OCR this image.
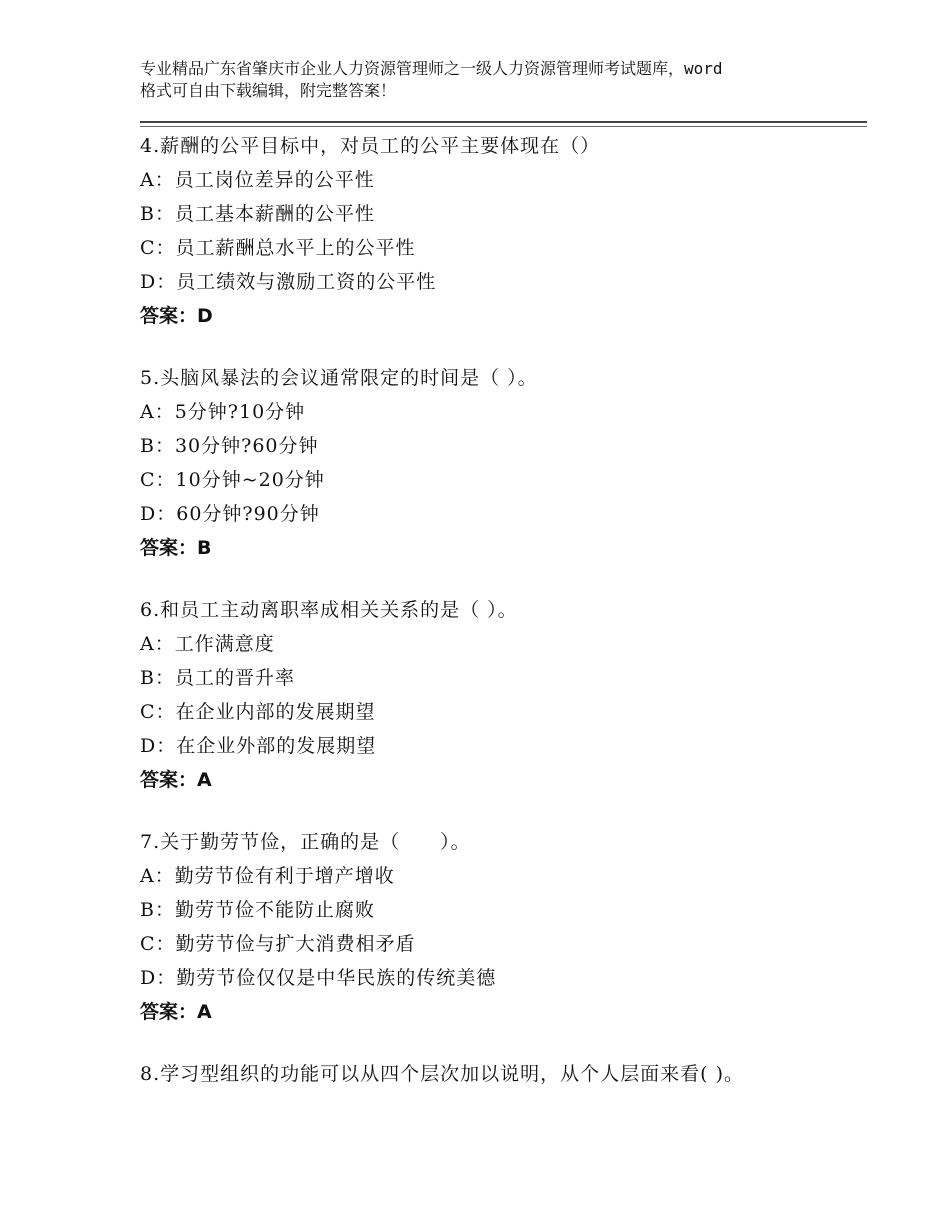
专业精品广东省肇庆市企业人力资源管理师之一级人力资源管理师考试题库，word
格式可自由下载编辑，附完整答案！
4.薪酬的公平目标中，对员工的公平主要体现在（）
A：员工岗位差异的公平性
B：员工基本薪酬的公平性
C：员工薪酬总水平上的公平性
D：员工绩效与激励工资的公平性
答案：D
5.头脑风暴法的会议通常限定的时间是（ ）。
A：5分钟?10分钟
B：30分钟?60分钟
C：10分钟~20分钟
D：60分钟?90分钟
答案：B
6.和员工主动离职率成相关关系的是（ ）。
A：工作满意度
B：员工的晋升率
C：在企业内部的发展期望
D：在企业外部的发展期望
答案：A
7.关于勤劳节俭，正确的是（　　）。
A：勤劳节俭有利于增产增收
B：勤劳节俭不能防止腐败
C：勤劳节俭与扩大消费相矛盾
D：勤劳节俭仅仅是中华民族的传统美德
答案：A
8.学习型组织的功能可以从四个层次加以说明，从个人层面来看( )。
